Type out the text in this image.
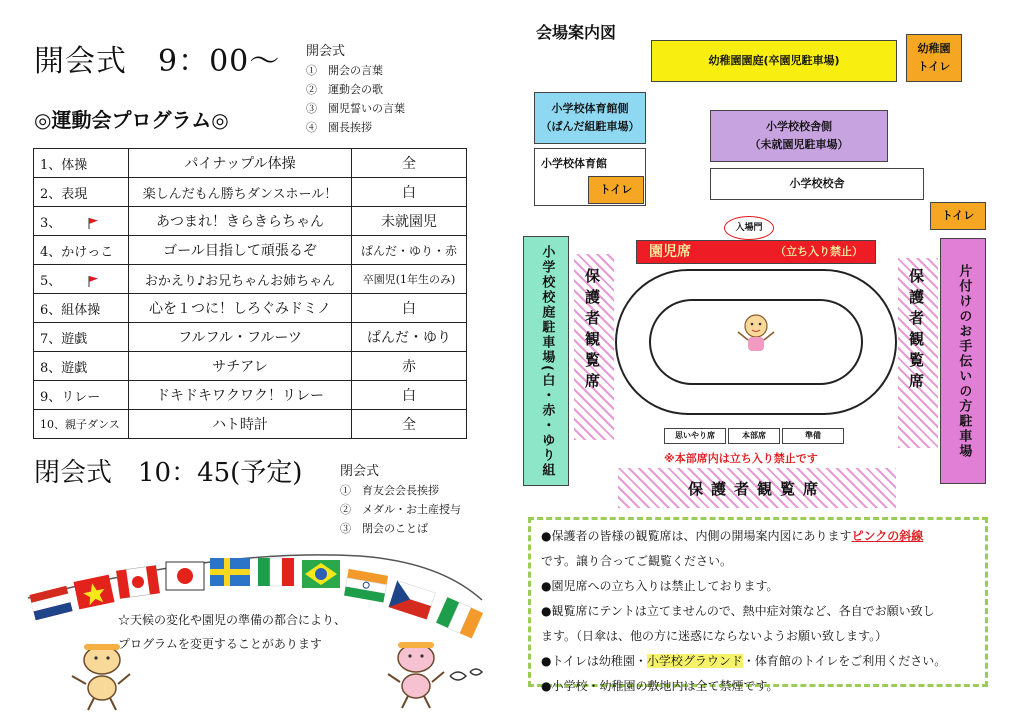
開会式　9：00～ 開会式
①　開会の言葉
②　運動会の歌
③　園児誓いの言葉
④　園長挨拶
◎運動会プログラム◎
1、体操	パイナップル体操	全
2、表現	楽しんだもん勝ちダンスホール！	白
3、	あつまれ！きらきらちゃん	未就園児
4、かけっこ	ゴール目指して頑張るぞ	ぱんだ・ゆり・赤
5、	おかえり♪お兄ちゃんお姉ちゃん	卒園児(1年生のみ)
6、組体操	心を１つに！しろぐみドミノ	白
7、遊戯	フルフル・フルーツ	ぱんだ・ゆり
8、遊戯	サチアレ	赤
9、リレー	ドキドキワクワク！リレー	白
10、親子ダンス	ハト時計	全
閉会式　10：45(予定)	閉会式
①　育友会会長挨拶
②　メダル・お土産授与
③　閉会のことば
☆天候の変化や園児の準備の都合により、
プログラムを変更することがあります
会場案内図
幼稚園園庭(卒園児駐車場)
幼稚園
トイレ
小学校体育館側
（ぱんだ組駐車場）	小学校校舎側
（未就園児駐車場）
小学校体育館
トイレ	小学校校舎
トイレ
入場門
園児席	（立ち入り禁止）
小学校校庭駐車場(白・赤・ゆり組 保護者観覧席	保護者観覧席 片付けのお手伝いの方駐車場
思いやり席	本部席	準備
※本部席内は立ち入り禁止です
保護者観覧席
●保護者の皆様の観覧席は、内側の開場案内図にありますピンクの斜線
です。譲り合ってご観覧ください。
●園児席への立ち入りは禁止しております。
●観覧席にテントは立てませんので、熱中症対策など、各自でお願い致し
ます。（日傘は、他の方に迷惑にならないようお願い致します。）
●トイレは幼稚園・小学校グラウンド・体育館のトイレをご利用ください。
●小学校・幼稚園の敷地内は全て禁煙です。
